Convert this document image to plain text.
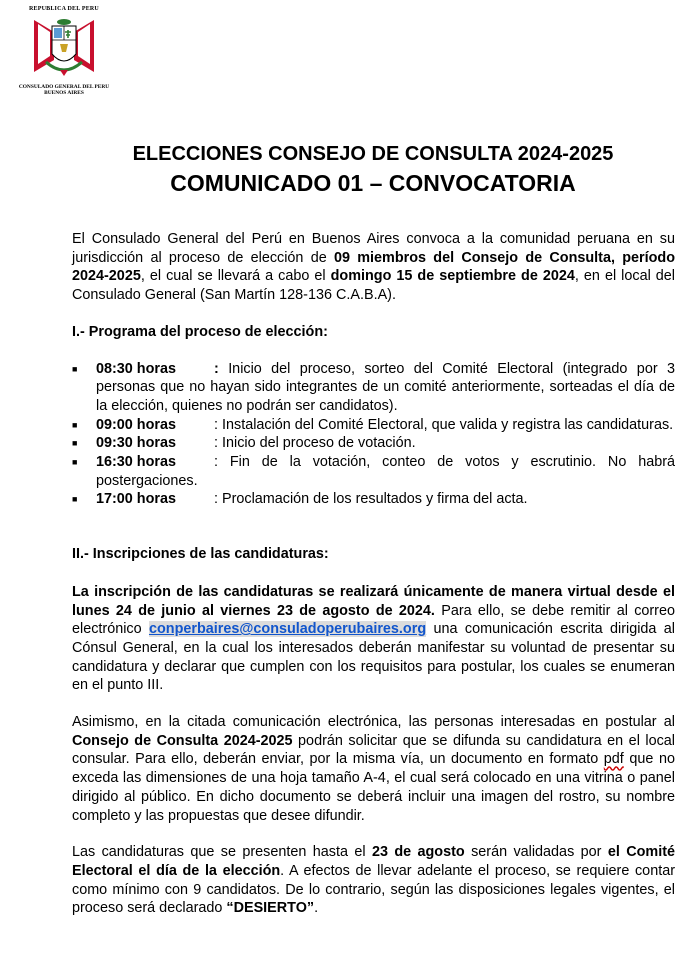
REPUBLICA DEL PERU
CONSULADO GENERAL DEL PERU
BUENOS AIRES
ELECCIONES CONSEJO DE CONSULTA 2024-2025
COMUNICADO 01 – CONVOCATORIA

El Consulado General del Perú en Buenos Aires convoca a la comunidad peruana en su jurisdicción al proceso de elección de 09 miembros del Consejo de Consulta, período 2024-2025, el cual se llevará a cabo el domingo 15 de septiembre de 2024, en el local del Consulado General (San Martín 128-136 C.A.B.A).

I.- Programa del proceso de elección:

■ 08:30 horas	: Inicio del proceso, sorteo del Comité Electoral (integrado por 3 personas que no hayan sido integrantes de un comité anteriormente, sorteadas el día de la elección, quienes no podrán ser candidatos).
■ 09:00 horas	: Instalación del Comité Electoral, que valida y registra las candidaturas.
■ 09:30 horas	: Inicio del proceso de votación.
■ 16:30 horas	: Fin de la votación, conteo de votos y escrutinio. No habrá postergaciones.
■ 17:00 horas	: Proclamación de los resultados y firma del acta.

II.- Inscripciones de las candidaturas:

La inscripción de las candidaturas se realizará únicamente de manera virtual desde el lunes 24 de junio al viernes 23 de agosto de 2024. Para ello, se debe remitir al correo electrónico conperbaires@consuladoperubaires.org una comunicación escrita dirigida al Cónsul General, en la cual los interesados deberán manifestar su voluntad de presentar su candidatura y declarar que cumplen con los requisitos para postular, los cuales se enumeran en el punto III.

Asimismo, en la citada comunicación electrónica, las personas interesadas en postular al Consejo de Consulta 2024-2025 podrán solicitar que se difunda su candidatura en el local consular. Para ello, deberán enviar, por la misma vía, un documento en formato pdf que no exceda las dimensiones de una hoja tamaño A-4, el cual será colocado en una vitrina o panel dirigido al público. En dicho documento se deberá incluir una imagen del rostro, su nombre completo y las propuestas que desee difundir.

Las candidaturas que se presenten hasta el 23 de agosto serán validadas por el Comité Electoral el día de la elección. A efectos de llevar adelante el proceso, se requiere contar como mínimo con 9 candidatos. De lo contrario, según las disposiciones legales vigentes, el proceso será declarado “DESIERTO”.
